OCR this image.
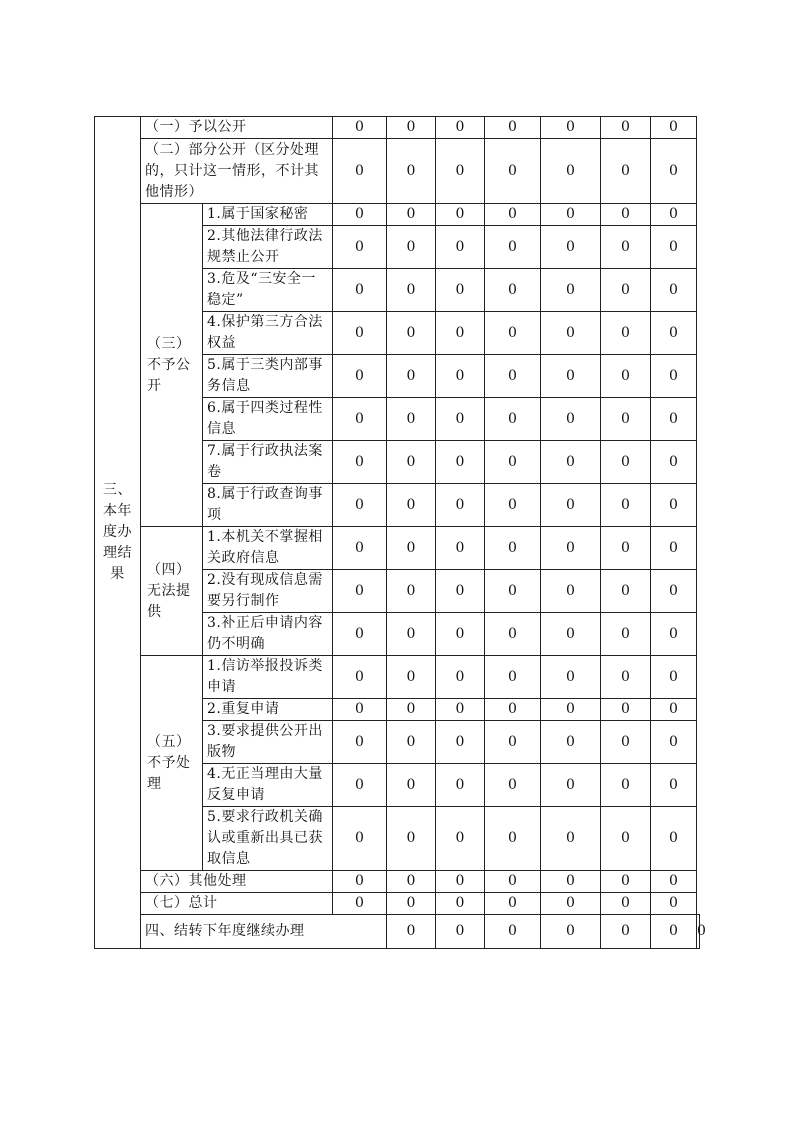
三、本年度办理结果	（一）予以公开		0	0	0	0	0	0	0	
	（二）部分公开（区分处理的，只计这一情形，不计其他情形）		0	0	0	0	0	0	0	
	（三）不予公开	1.属于国家秘密	0	0	0	0	0	0	0	
		2.其他法律行政法规禁止公开	0	0	0	0	0	0	0	
		3.危及“三安全一稳定”	0	0	0	0	0	0	0	
		4.保护第三方合法权益	0	0	0	0	0	0	0	
		5.属于三类内部事务信息	0	0	0	0	0	0	0	
		6.属于四类过程性信息	0	0	0	0	0	0	0	
		7.属于行政执法案卷	0	0	0	0	0	0	0	
		8.属于行政查询事项	0	0	0	0	0	0	0	
	（四）无法提供	1.本机关不掌握相关政府信息	0	0	0	0	0	0	0	
		2.没有现成信息需要另行制作	0	0	0	0	0	0	0	
		3.补正后申请内容仍不明确	0	0	0	0	0	0	0	
	（五）不予处理	1.信访举报投诉类申请	0	0	0	0	0	0	0	
		2.重复申请	0	0	0	0	0	0	0	
		3.要求提供公开出版物	0	0	0	0	0	0	0	
		4.无正当理由大量反复申请	0	0	0	0	0	0	0	
		5.要求行政机关确认或重新出具已获取信息	0	0	0	0	0	0	0	
	（六）其他处理		0	0	0	0	0	0	0	
	（七）总计		0	0	0	0	0	0	0	
	四、结转下年度继续办理			0	0	0	0	0	0	0
